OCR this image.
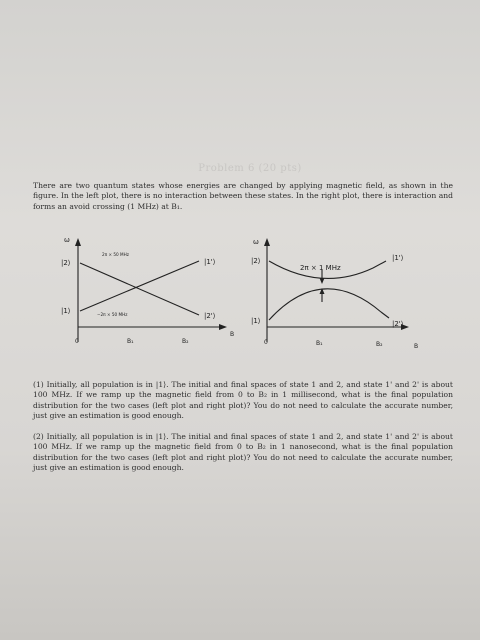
Problem 6 (20 pts)
There are two quantum states whose energies are changed by applying magnetic field, as shown in the figure. In the left plot, there is no interaction between these states. In the right plot, there is interaction and forms an avoid crossing (1 MHz) at B₁.
ω
|2⟩
|1⟩
|1'⟩
|2'⟩
2π × 50 MHz
−2π × 50 MHz
0	B₁	B₂
B
ω
|2⟩
|1⟩
|1'⟩
|2'⟩
2π × 1 MHz
0	B₁	B₂	B
(1) Initially, all population is in |1⟩. The initial and final spaces of state 1 and 2, and state 1' and 2' is about 100 MHz. If we ramp up the magnetic field from 0 to B₂ in 1 millisecond, what is the final population distribution for the two cases (left plot and right plot)? You do not need to calculate the accurate number, just give an estimation is good enough.
(2) Initially, all population is in |1⟩. The initial and final spaces of state 1 and 2, and state 1' and 2' is about 100 MHz. If we ramp up the magnetic field from 0 to B₂ in 1 nanosecond, what is the final population distribution for the two cases (left plot and right plot)? You do not need to calculate the accurate number, just give an estimation is good enough.
